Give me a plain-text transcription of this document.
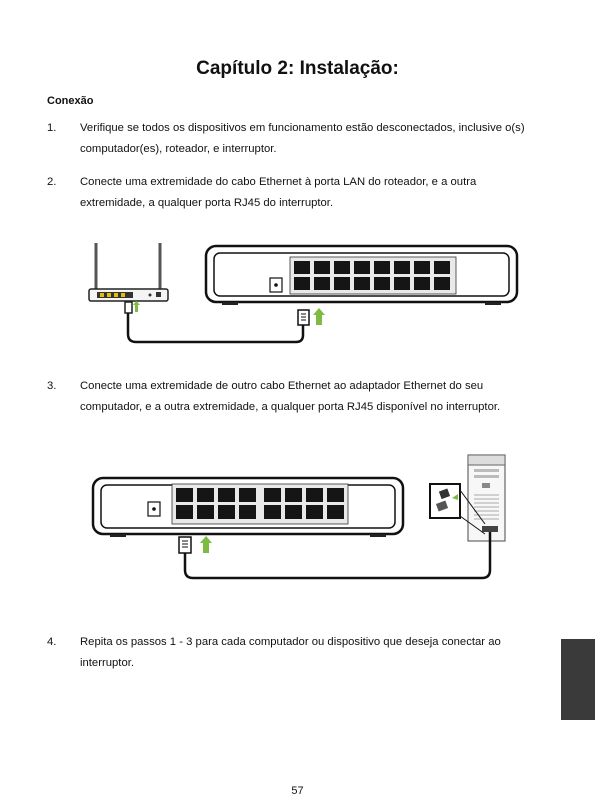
Capítulo 2: Instalação:
Conexão
1. Verifique se todos os dispositivos em funcionamento estão desconectados, inclusive o(s)
computador(es), roteador, e interruptor.
2. Conecte uma extremidade do cabo Ethernet à porta LAN do roteador, e a outra
extremidade, a qualquer porta RJ45 do interruptor.
3. Conecte uma extremidade de outro cabo Ethernet ao adaptador Ethernet do seu
computador, e a outra extremidade, a qualquer porta RJ45 disponível no interruptor.
4. Repita os passos 1 - 3 para cada computador ou dispositivo que deseja conectar ao
interruptor.
57
